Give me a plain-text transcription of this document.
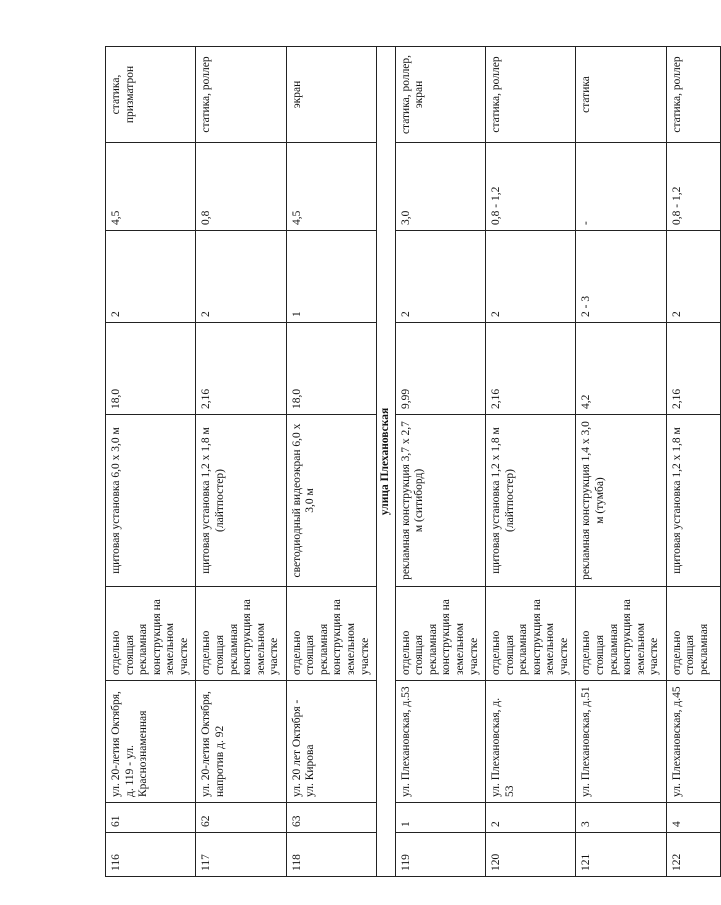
116	61	ул. 20-летия Октября, д. 119 - ул. Краснознаменная	отдельно стоящая рекламная конструкция на земельном участке	щитовая установка 6,0 х 3,0 м	18,0	2	4,5	статика, призматрон
117	62	ул. 20-летия Октября, напротив д. 92	отдельно стоящая рекламная конструкция на земельном участке	щитовая установка 1,2 х 1,8 м (лайтпостер)	2,16	2	0,8	статика, роллер
118	63	ул. 20 лет Октября - ул. Кирова	отдельно стоящая рекламная конструкция на земельном участке	светодиодный видеоэкран 6,0 х 3,0 м	18,0	1	4,5	экран
улица Плехановская								
119	1	ул. Плехановская, д.53	отдельно стоящая рекламная конструкция на земельном участке	рекламная конструкция 3,7 х 2,7 м (ситиборд)	9,99	2	3,0	статика, роллер, экран
120	2	ул. Плехановская, д. 53	отдельно стоящая рекламная конструкция на земельном участке	щитовая установка 1,2 х 1,8 м (лайтпостер)	2,16	2	0,8 - 1,2	статика, роллер
121	3	ул. Плехановская, д.51	отдельно стоящая рекламная конструкция на земельном участке	рекламная конструкция 1,4 х 3,0 м (тумба)	4,2	2 - 3	-	статика
122	4	ул. Плехановская, д.45	отдельно стоящая рекламная	щитовая установка 1,2 х 1,8 м	2,16	2	0,8 - 1,2	статика, роллер
